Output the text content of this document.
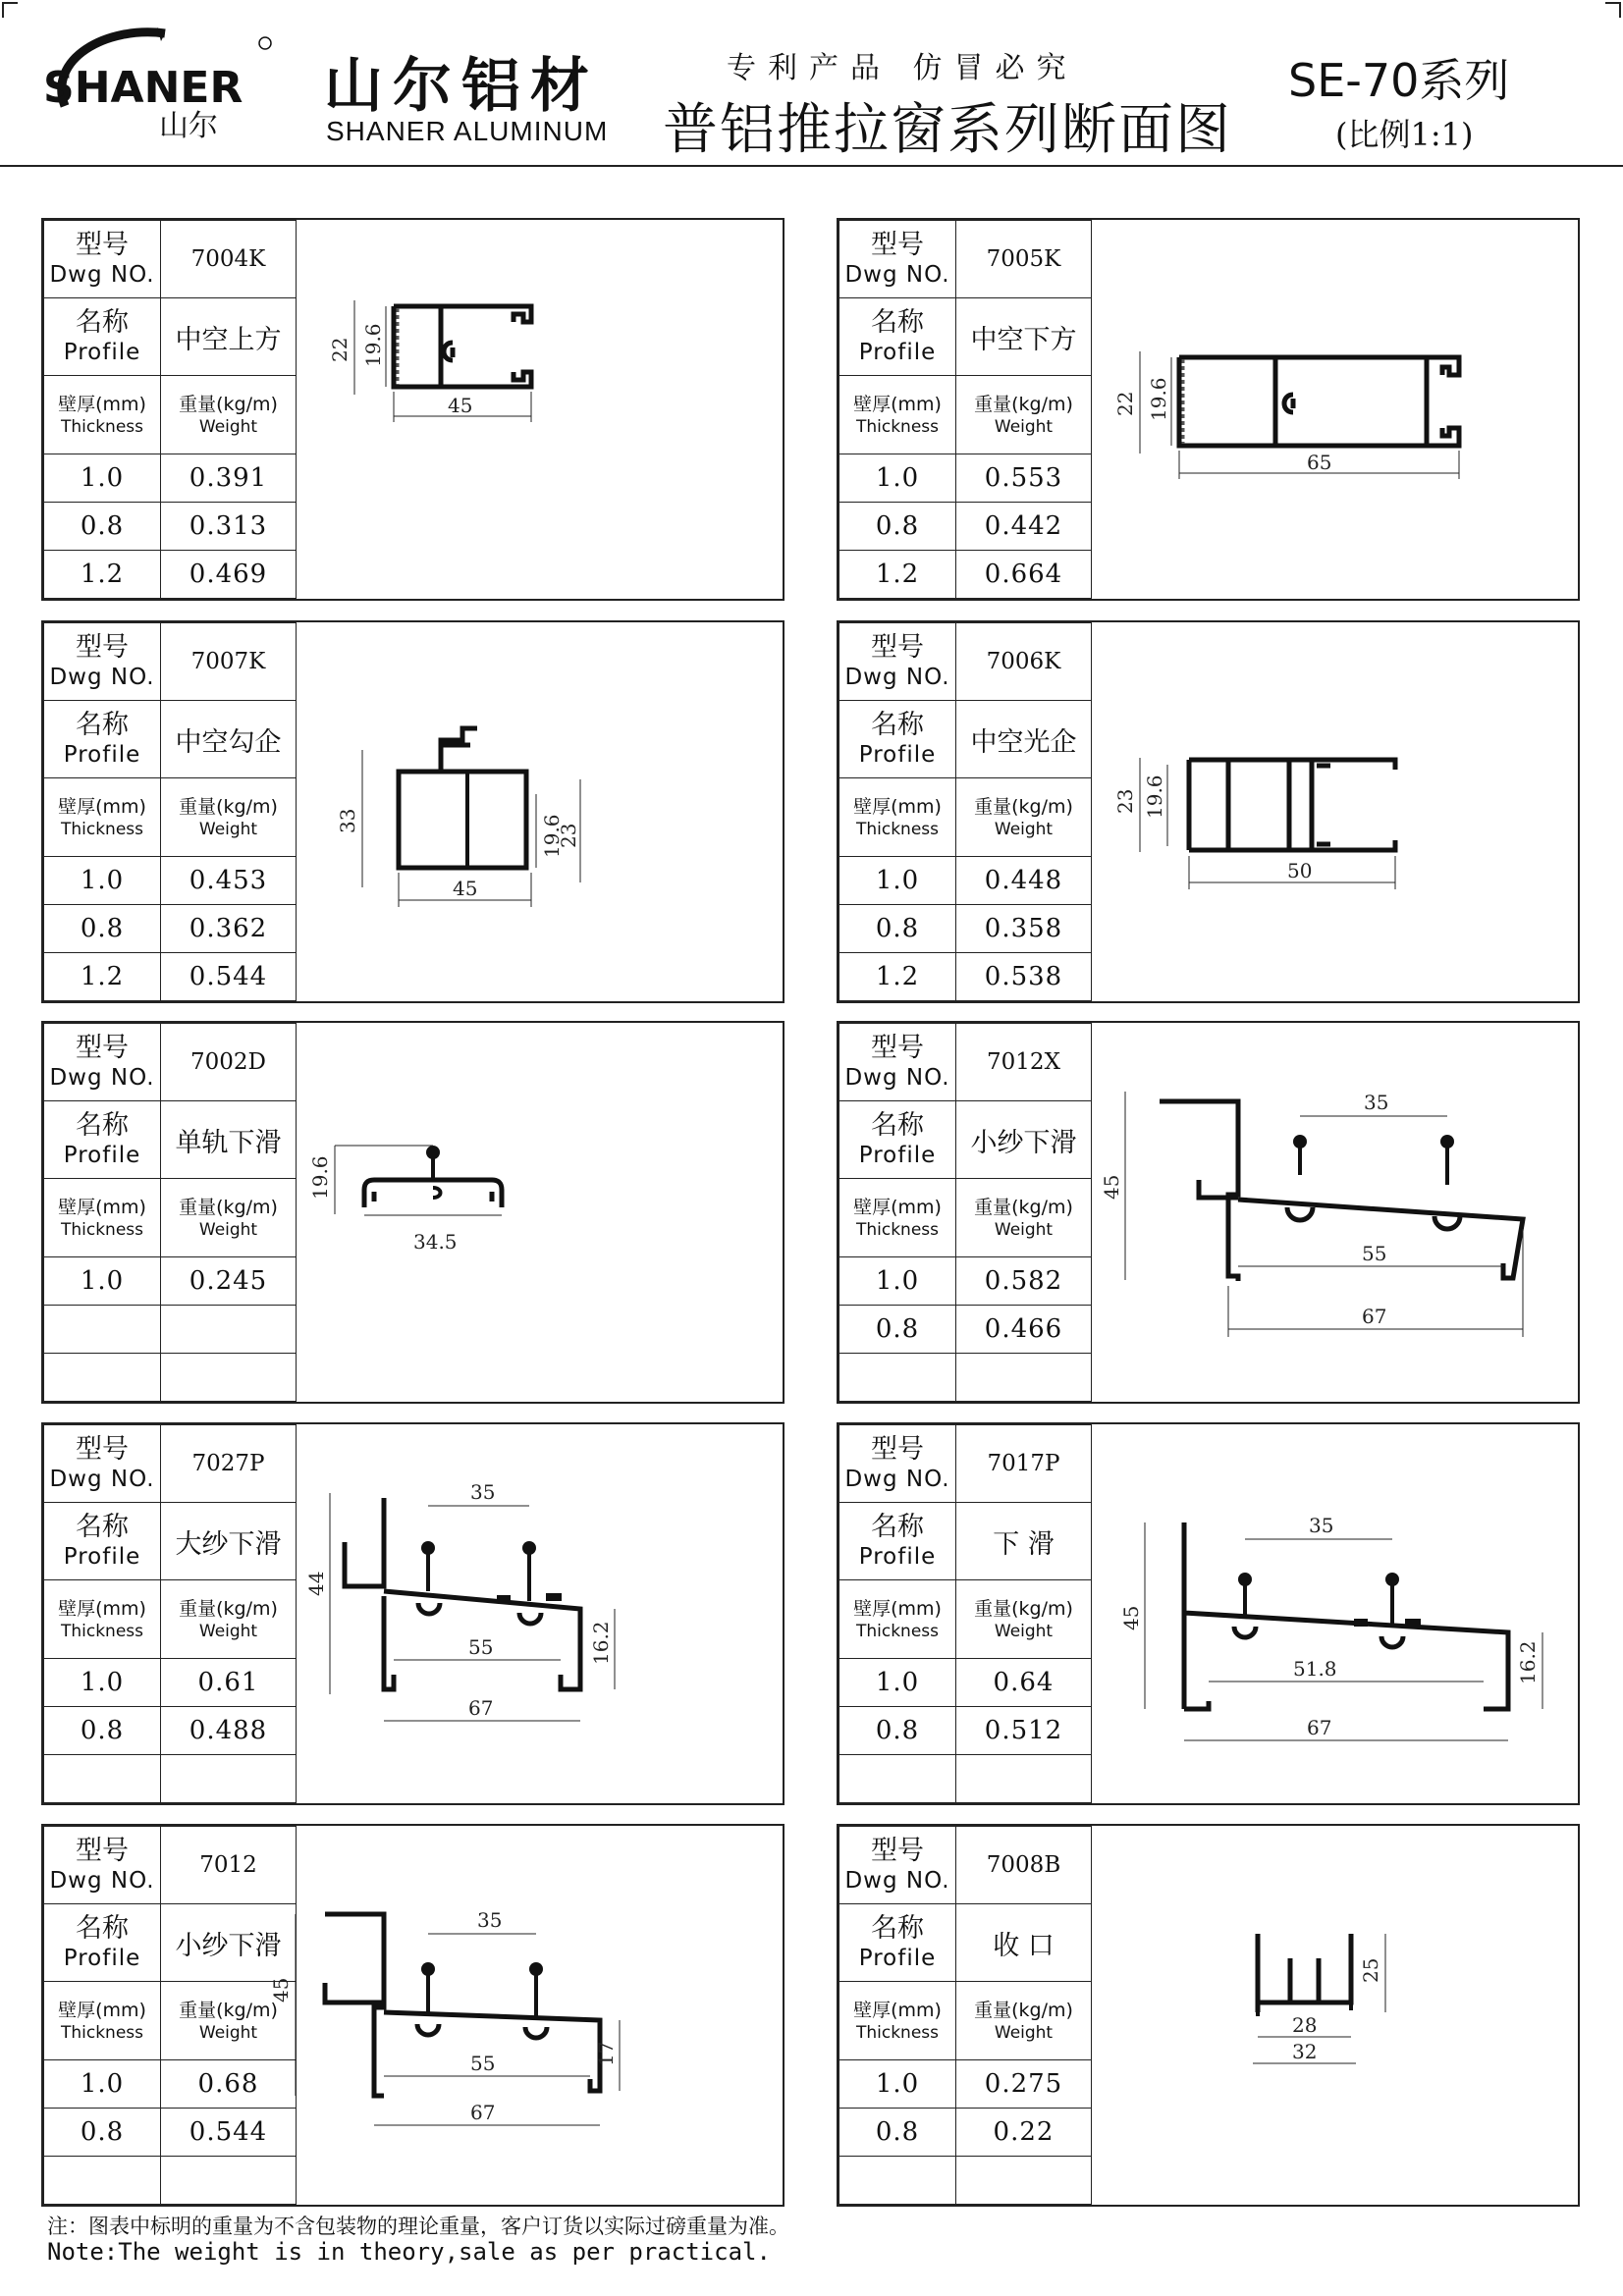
SHANER
山尔
山尔铝材
SHANER ALUMINUM
专利产品 仿冒必究
普铝推拉窗系列断面图
SE-70系列
(比例1:1)
型号
Dwg NO.	7004K

名称
Profile	中空上方

壁厚(mm)
Thickness	重量(kg/m)
Weight

1.0	0.391
0.8	0.313
1.2	0.469
22 19.6
45
型号
Dwg NO.	7005K

名称
Profile	中空下方

壁厚(mm)
Thickness	重量(kg/m)
Weight

1.0	0.553
0.8	0.442
1.2	0.664
22 19.6
65
型号
Dwg NO.	7007K

名称
Profile	中空勾企

壁厚(mm)
Thickness	重量(kg/m)
Weight

1.0	0.453
0.8	0.362
1.2	0.544
33	19.6
23
45
型号
Dwg NO.	7006K

名称
Profile	中空光企

壁厚(mm)
Thickness	重量(kg/m)
Weight

1.0	0.448
0.8	0.358
1.2	0.538
23 19.6
50
型号
Dwg NO.	7002D

名称
Profile	单轨下滑

壁厚(mm)
Thickness	重量(kg/m)
Weight

1.0	0.245

19.6
34.5
型号
Dwg NO.	7012X

名称
Profile	小纱下滑

壁厚(mm)
Thickness	重量(kg/m)
Weight

1.0	0.582
0.8	0.466

35
45
55
67
型号
Dwg NO.	7027P

名称
Profile	大纱下滑

壁厚(mm)
Thickness	重量(kg/m)
Weight

1.0	0.61
0.8	0.488

35
44
55
67
16.2
型号
Dwg NO.	7017P

名称
Profile	下 滑

壁厚(mm)
Thickness	重量(kg/m)
Weight

1.0	0.64
0.8	0.512

35
45
51.8
67
16.2
型号
Dwg NO.	7012

名称
Profile	小纱下滑

壁厚(mm)
Thickness	重量(kg/m)
Weight

1.0	0.68
0.8	0.544

35
45
55
67
17
型号
Dwg NO.	7008B

名称
Profile	收 口

壁厚(mm)
Thickness	重量(kg/m)
Weight

1.0	0.275
0.8	0.22

25
28
32
注：图表中标明的重量为不含包装物的理论重量，客户订货以实际过磅重量为准。
Note:The weight is in theory,sale as per practical.
